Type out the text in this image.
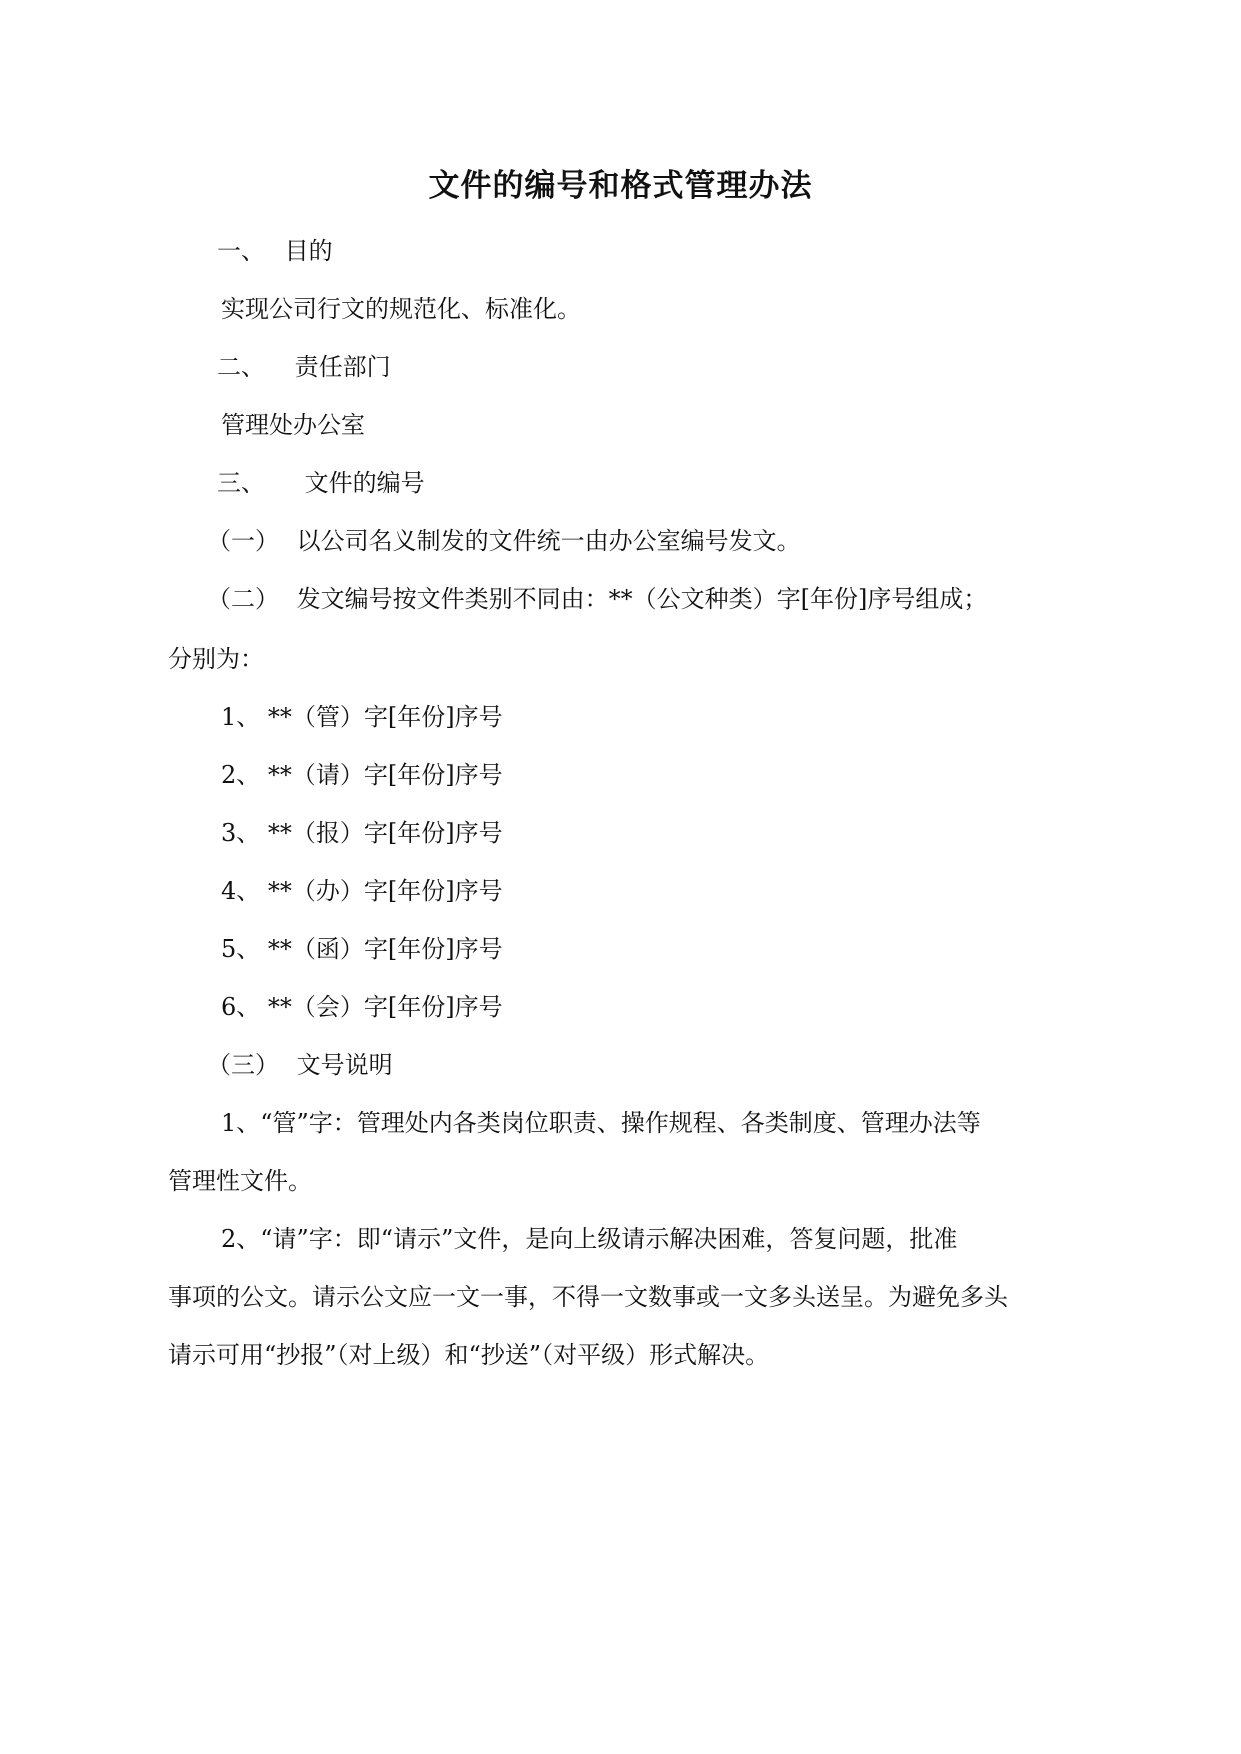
文件的编号和格式管理办法
一、 目的
实现公司行文的规范化、标准化。
二、 责任部门
管理处办公室
三、 文件的编号
（一） 以公司名义制发的文件统一由办公室编号发文。
（二） 发文编号按文件类别不同由：**（公文种类）字[年份]序号组成；
分别为：
1、 **（管）字[年份]序号
2、 **（请）字[年份]序号
3、 **（报）字[年份]序号
4、 **（办）字[年份]序号
5、 **（函）字[年份]序号
6、 **（会）字[年份]序号
（三） 文号说明
1、“管”字：管理处内各类岗位职责、操作规程、各类制度、管理办法等
管理性文件。
2、“请”字：即“请示”文件，是向上级请示解决困难，答复问题，批准
事项的公文。请示公文应一文一事，不得一文数事或一文多头送呈。为避免多头
请示可用“抄报”（对上级）和“抄送”（对平级）形式解决。
